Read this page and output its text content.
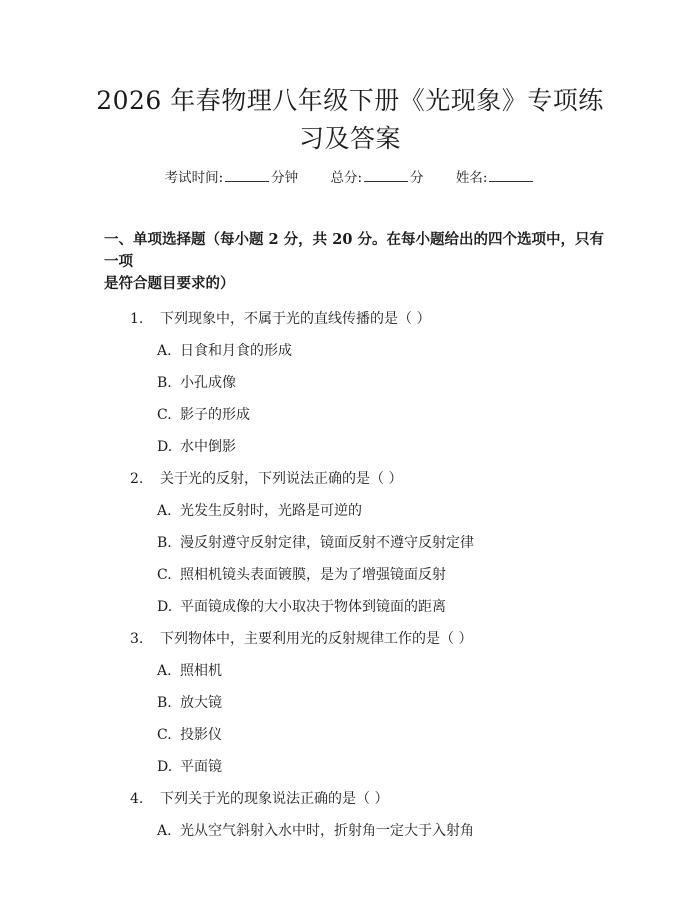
2026 年春物理八年级下册《光现象》专项练
习及答案
考试时间:	分钟 总分:	分 姓名:
一、单项选择题（每小题 2 分，共 20 分。在每小题给出的四个选项中，只有一项
是符合题目要求的）
1. 下列现象中，不属于光的直线传播的是（ ）
A. 日食和月食的形成
B. 小孔成像
C. 影子的形成
D. 水中倒影
2. 关于光的反射，下列说法正确的是（ ）
A. 光发生反射时，光路是可逆的
B. 漫反射遵守反射定律，镜面反射不遵守反射定律
C. 照相机镜头表面镀膜，是为了增强镜面反射
D. 平面镜成像的大小取决于物体到镜面的距离
3. 下列物体中，主要利用光的反射规律工作的是（ ）
A. 照相机
B. 放大镜
C. 投影仪
D. 平面镜
4. 下列关于光的现象说法正确的是（ ）
A. 光从空气斜射入水中时，折射角一定大于入射角
